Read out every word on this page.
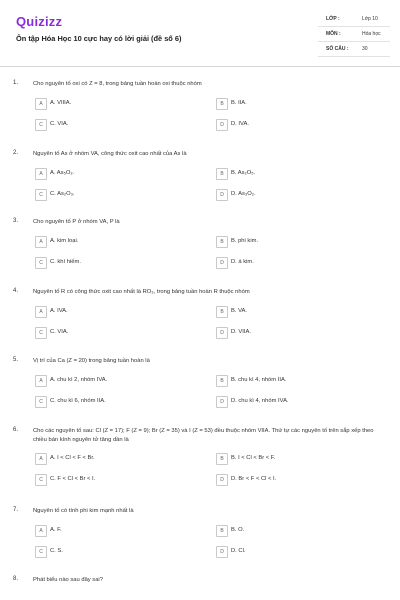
Quizizz
Ôn tập Hóa Học 10 cực hay có lời giải (đề số 6)
LỚP :	Lớp 10
MÔN :	Hóa học
SỐ CÂU :	30
1.	Cho nguyên tố oxi có Z = 8, trong bảng tuần hoàn oxi thuộc nhóm
A	A. VIIIA.	B	B. IIA.
C	C. VIA.	D	D. IVA.
2.	Nguyên tố As ở nhóm VA, công thức oxit cao nhất của As là
A	A. As₅O₂.	B	B. As₂O₅.
C	C. As₂O₃.	D	D. As₃O₂.
3.	Cho nguyên tố P ở nhóm VA, P là
A	A. kim loại.	B	B. phi kim.
C	C. khí hiếm.	D	D. á kim.
4.	Nguyên tố R có công thức oxit cao nhất là RO₃, trong bảng tuần hoàn R thuộc nhóm
A	A. IVA.	B	B. VA.
C	C. VIA.	D	D. VIIA.
5.	Vị trí của Ca (Z = 20) trong bảng tuần hoàn là
A	A. chu kì 2, nhóm IVA.	B	B. chu kì 4, nhóm IIA.
C	C. chu kì 6, nhóm IIA.	D	D. chu kì 4, nhóm IVA.
6.	Cho các nguyên tố sau: Cl (Z = 17); F (Z = 9); Br (Z = 35) và I (Z = 53) đều thuộc nhóm VIIA. Thứ tự các nguyên tố trên sắp xếp theo chiều bán kính nguyên tử tăng dần là
A	A. I < Cl < F < Br.	B	B. I < Cl < Br < F.
C	C. F < Cl < Br < I.	D	D. Br < F < Cl < I.
7.	Nguyên tố có tính phi kim mạnh nhất là
A	A. F.	B	B. O.
C	C. S.	D	D. Cl.
8.	Phát biểu nào sau đây sai?
